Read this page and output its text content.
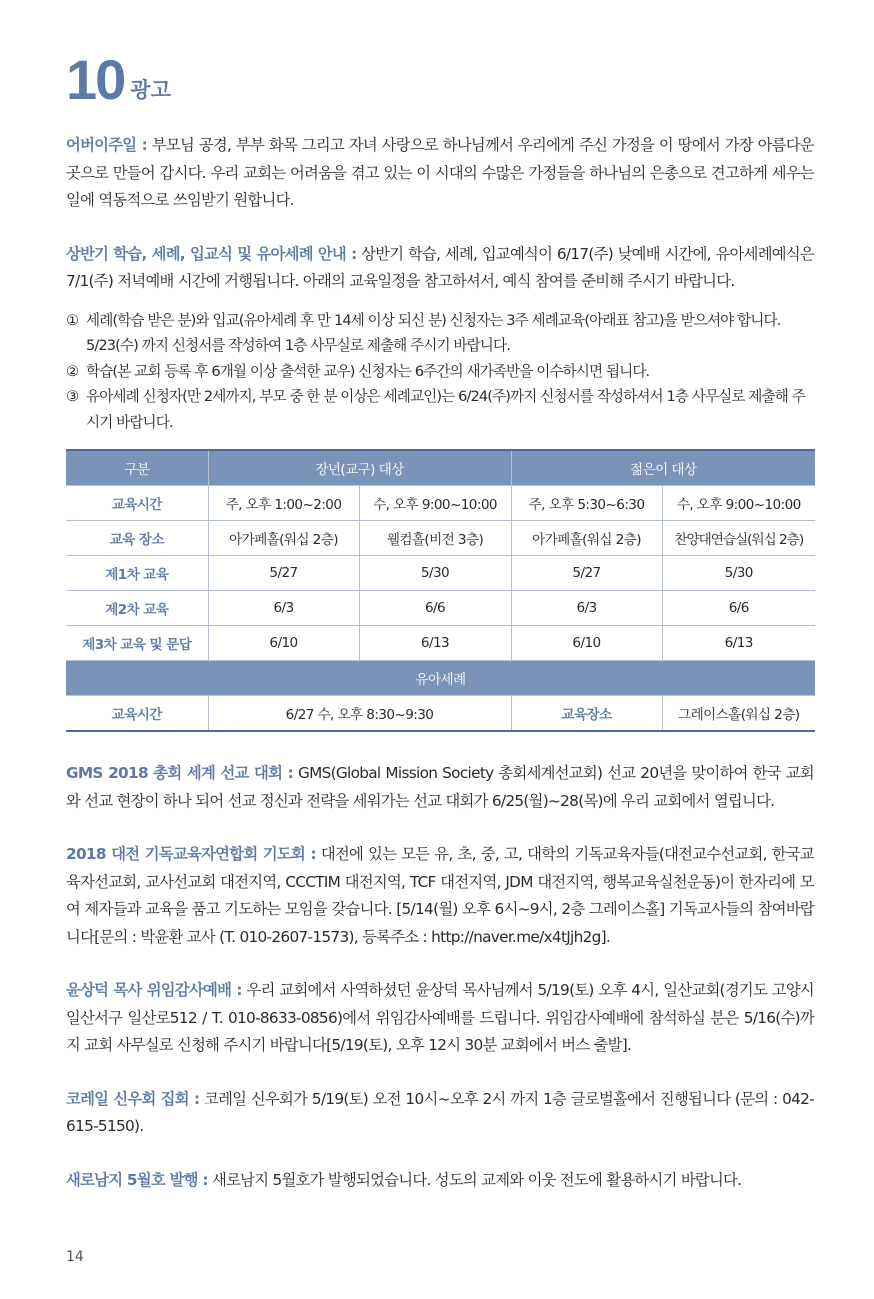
10 광고

어버이주일 : 부모님 공경, 부부 화목 그리고 자녀 사랑으로 하나님께서 우리에게 주신 가정을 이 땅에서 가장 아름다운 곳으로 만들어 갑시다. 우리 교회는 어려움을 겪고 있는 이 시대의 수많은 가정들을 하나님의 은총으로 견고하게 세우는 일에 역동적으로 쓰임받기 원합니다.

상반기 학습, 세례, 입교식 및 유아세례 안내 : 상반기 학습, 세례, 입교예식이 6/17(주) 낮예배 시간에, 유아세례예식은 7/1(주) 저녁예배 시간에 거행됩니다. 아래의 교육일정을 참고하셔서, 예식 참여를 준비해 주시기 바랍니다.

① 세례(학습 받은 분)와 입교(유아세례 후 만 14세 이상 되신 분) 신청자는 3주 세례교육(아래표 참고)을 받으셔야 합니다. 5/23(수) 까지 신청서를 작성하여 1층 사무실로 제출해 주시기 바랍니다.
② 학습(본 교회 등록 후 6개월 이상 출석한 교우) 신청자는 6주간의 새가족반을 이수하시면 됩니다.
③ 유아세례 신청자(만 2세까지, 부모 중 한 분 이상은 세례교인)는 6/24(주)까지 신청서를 작성하셔서 1층 사무실로 제출해 주시기 바랍니다.
구분	장년(교구) 대상		젊은이 대상	
교육시간	주, 오후 1:00~2:00	수, 오후 9:00~10:00	주, 오후 5:30~6:30	수, 오후 9:00~10:00
교육 장소	아가페홀(워십 2층)	웰컴홀(비전 3층)	아가페홀(워십 2층)	찬양대연습실(워십 2층)
제1차 교육	5/27	5/30	5/27	5/30
제2차 교육	6/3	6/6	6/3	6/6
제3차 교육 및 문답	6/10	6/13	6/10	6/13
유아세례				
교육시간	6/27 수, 오후 8:30~9:30		교육장소	그레이스홀(워십 2층)

GMS 2018 총회 세계 선교 대회 : GMS(Global Mission Society 총회세계선교회) 선교 20년을 맞이하여 한국 교회와 선교 현장이 하나 되어 선교 정신과 전략을 세워가는 선교 대회가 6/25(월)~28(목)에 우리 교회에서 열립니다.

2018 대전 기독교육자연합회 기도회 : 대전에 있는 모든 유, 초, 중, 고, 대학의 기독교육자들(대전교수선교회, 한국교육자선교회, 교사선교회 대전지역, CCCTIM 대전지역, TCF 대전지역, JDM 대전지역, 행복교육실천운동)이 한자리에 모여 제자들과 교육을 품고 기도하는 모임을 갖습니다. [5/14(월) 오후 6시~9시, 2층 그레이스홀] 기독교사들의 참여바랍니다[문의 : 박윤환 교사 (T. 010-2607-1573), 등록주소 : http://naver.me/x4tJjh2g].

윤상덕 목사 위임감사예배 : 우리 교회에서 사역하셨던 윤상덕 목사님께서 5/19(토) 오후 4시, 일산교회(경기도 고양시 일산서구 일산로512 / T. 010-8633-0856)에서 위임감사예배를 드립니다. 위임감사예배에 참석하실 분은 5/16(수)까지 교회 사무실로 신청해 주시기 바랍니다[5/19(토), 오후 12시 30분 교회에서 버스 출발].

코레일 신우회 집회 : 코레일 신우회가 5/19(토) 오전 10시~오후 2시 까지 1층 글로벌홀에서 진행됩니다 (문의 : 042-615-5150).

새로남지 5월호 발행 : 새로남지 5월호가 발행되었습니다. 성도의 교제와 이웃 전도에 활용하시기 바랍니다.

14
